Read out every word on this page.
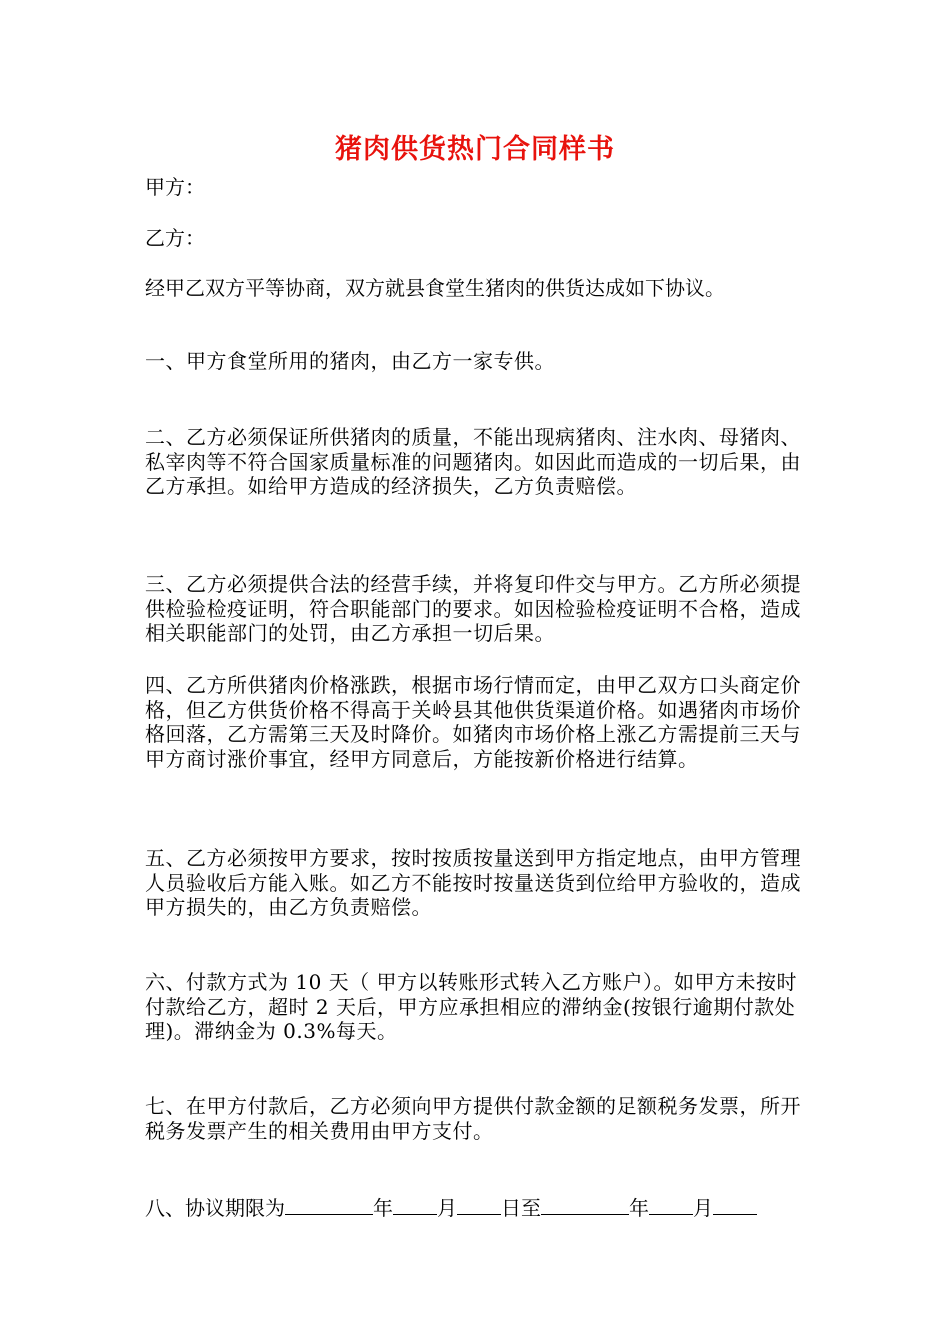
猪肉供货热门合同样书
甲方：
乙方：
经甲乙双方平等协商，双方就县食堂生猪肉的供货达成如下协议。
一、甲方食堂所用的猪肉，由乙方一家专供。
二、乙方必须保证所供猪肉的质量，不能出现病猪肉、注水肉、母猪肉、私宰肉等不符合国家质量标准的问题猪肉。如因此而造成的一切后果，由乙方承担。如给甲方造成的经济损失，乙方负责赔偿。
三、乙方必须提供合法的经营手续，并将复印件交与甲方。乙方所必须提供检验检疫证明，符合职能部门的要求。如因检验检疫证明不合格，造成相关职能部门的处罚，由乙方承担一切后果。
四、乙方所供猪肉价格涨跌，根据市场行情而定，由甲乙双方口头商定价格，但乙方供货价格不得高于关岭县其他供货渠道价格。如遇猪肉市场价格回落，乙方需第三天及时降价。如猪肉市场价格上涨乙方需提前三天与甲方商讨涨价事宜，经甲方同意后，方能按新价格进行结算。
五、乙方必须按甲方要求，按时按质按量送到甲方指定地点，由甲方管理人员验收后方能入账。如乙方不能按时按量送货到位给甲方验收的，造成甲方损失的，由乙方负责赔偿。
六、付款方式为 10 天（ 甲方以转账形式转入乙方账户）。如甲方未按时付款给乙方，超时 2 天后，甲方应承担相应的滞纳金(按银行逾期付款处理)。滞纳金为 0.3%每天。
七、在甲方付款后，乙方必须向甲方提供付款金额的足额税务发票，所开税务发票产生的相关费用由甲方支付。
八、协议期限为	年 月 日至	年 月
